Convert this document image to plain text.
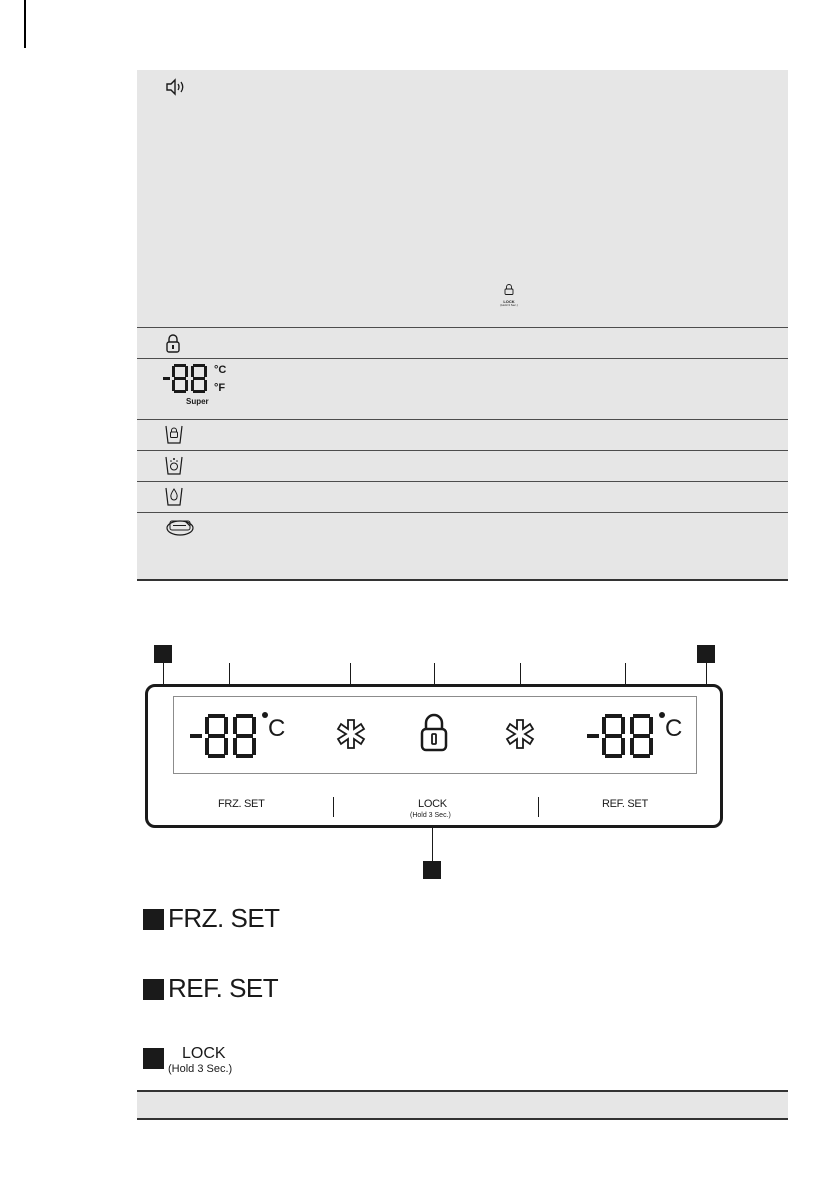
LOCK
(Hold 3 Sec.)
°C
°F
Super
C	C
FRZ. SET	LOCK
(Hold 3 Sec.)
REF. SET
FRZ. SET
REF. SET
LOCK
(Hold 3 Sec.)
